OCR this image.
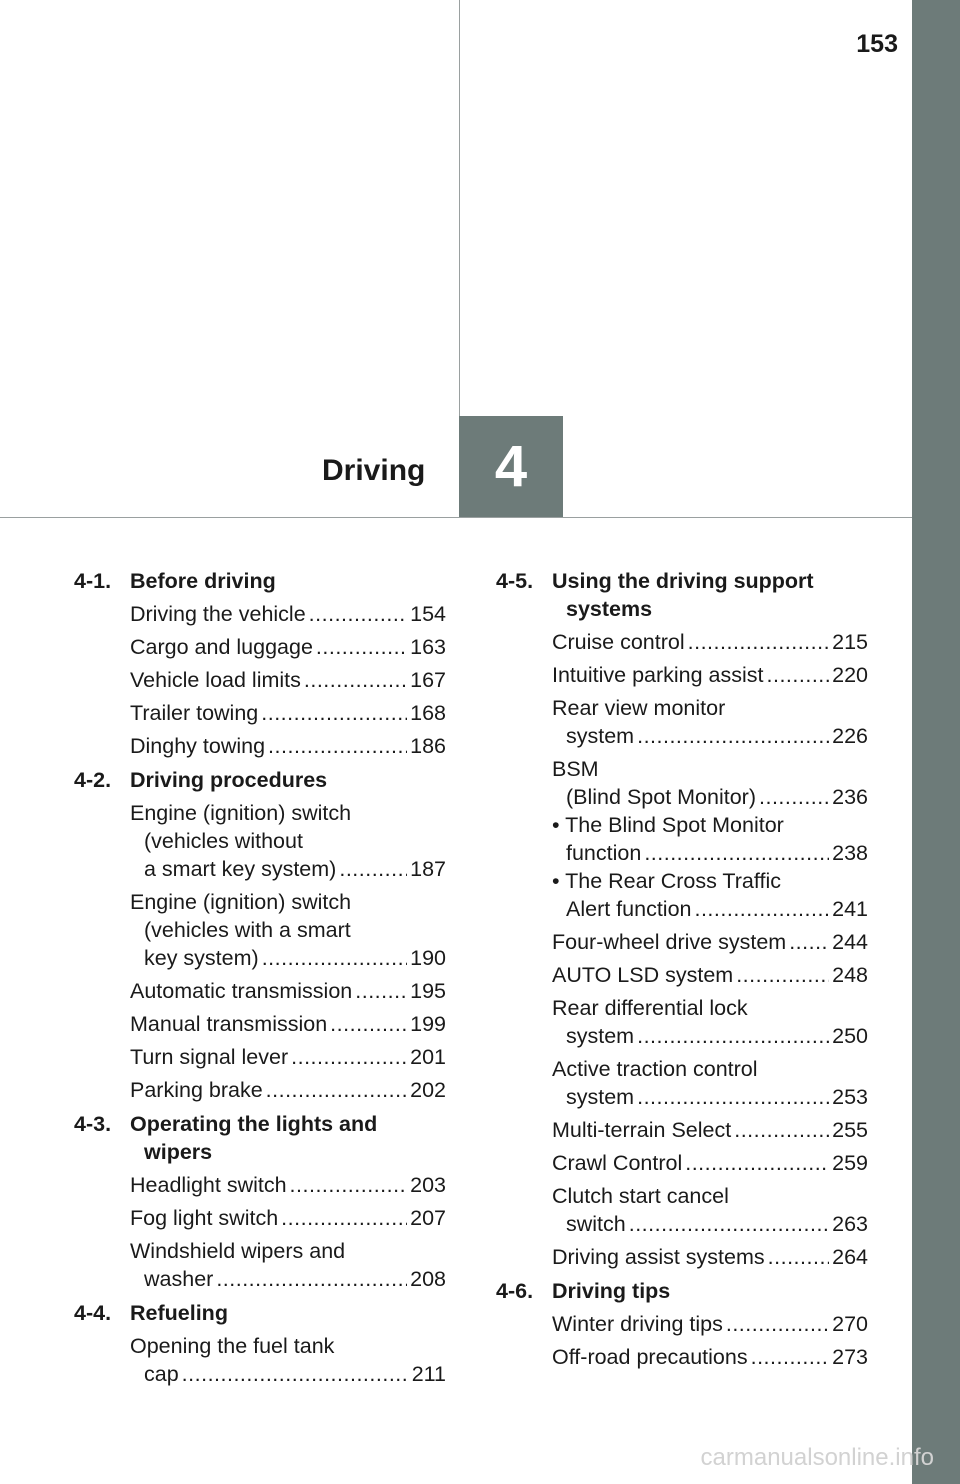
153
Driving 4
4-1. Before driving
Driving the vehicle .....	154
Cargo and luggage .....	163
Vehicle load limits .....	167
Trailer towing .....	168
Dinghy towing .....	186
4-2. Driving procedures
Engine (ignition) switch
(vehicles without
a smart key system) .....	187
Engine (ignition) switch
(vehicles with a smart
key system) .....	190
Automatic transmission .....	195
Manual transmission .....	199
Turn signal lever .....	201
Parking brake .....	202
4-3. Operating the lights and
wipers
Headlight switch .....	203
Fog light switch .....	207
Windshield wipers and
washer .....	208
4-4. Refueling
Opening the fuel tank
cap .....	211
4-5. Using the driving support
systems
Cruise control .....	215
Intuitive parking assist .....	220
Rear view monitor
system .....	226
BSM
(Blind Spot Monitor) .....	236
• The Blind Spot Monitor
function .....	238
• The Rear Cross Traffic
Alert function .....	241
Four-wheel drive system ..... 244
AUTO LSD system .....	248
Rear differential lock
system .....	250
Active traction control
system .....	253
Multi-terrain Select .....	255
Crawl Control .....	259
Clutch start cancel
switch .....	263
Driving assist systems .....	264
4-6. Driving tips
Winter driving tips .....	270
Off-road precautions .....	273
carmanualsonline.info
